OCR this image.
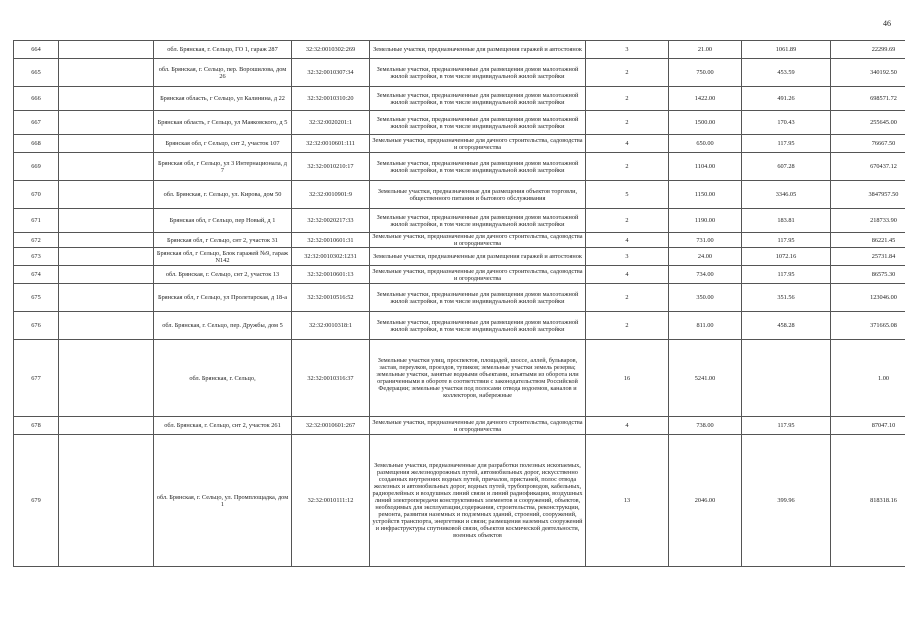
46
664		обл. Брянская, г. Сельцо, ГО 1, гараж 287	32:32:0010302:269	Земельные участки, предназначенные для размещения гаражей и автостоянок	3	21.00	1061.89	22299.69
665		обл. Брянская, г. Сельцо, пер. Ворошилова, дом 26	32:32:0010307:34	Земельные участки, предназначенные для размещения домов малоэтажной жилой застройки, в том числе индивидуальной жилой застройки	2	750.00	453.59	340192.50
666		Брянская область, г Сельцо, ул Калинина, д 22	32:32:0010310:20	Земельные участки, предназначенные для размещения домов малоэтажной жилой застройки, в том числе индивидуальной жилой застройки	2	1422.00	491.26	698571.72
667		Брянская область, г Сельцо, ул Маяковского, д 5	32:32:0020201:1	Земельные участки, предназначенные для размещения домов малоэтажной жилой застройки, в том числе индивидуальной жилой застройки	2	1500.00	170.43	255645.00
668		Брянская обл, г Сельцо, снт 2, участок 107	32:32:0010601:111	Земельные участки, предназначенные для дачного строительства, садоводства и огородничества	4	650.00	117.95	76667.50
669		Брянская обл, г Сельцо, ул 3 Интернационала, д 7	32:32:0010210:17	Земельные участки, предназначенные для размещения домов малоэтажной жилой застройки, в том числе индивидуальной жилой застройки	2	1104.00	607.28	670437.12
670		обл. Брянская, г. Сельцо, ул. Кирова, дом 50	32:32:0010901:9	Земельные участки, предназначенные для размещения объектов торговли, общественного питания и бытового обслуживания	5	1150.00	3346.05	3847957.50
671		Брянская обл, г Сельцо, пер Новый, д 1	32:32:0020217:33	Земельные участки, предназначенные для размещения домов малоэтажной жилой застройки, в том числе индивидуальной жилой застройки	2	1190.00	183.81	218733.90
672		Брянская обл, г Сельцо, снт 2, участок 31	32:32:0010601:31	Земельные участки, предназначенные для дачного строительства, садоводства и огородничества	4	731.00	117.95	86221.45
673		Брянская обл, г Сельцо, Блок гаражей №9, гараж N142	32:32:0010302:1231	Земельные участки, предназначенные для размещения гаражей и автостоянок	3	24.00	1072.16	25731.84
674		обл. Брянская, г. Сельцо, снт 2, участок 13	32:32:0010601:13	Земельные участки, предназначенные для дачного строительства, садоводства и огородничества	4	734.00	117.95	86575.30
675		Брянская обл, г Сельцо, ул Пролетарская, д 18-а	32:32:0010516:52	Земельные участки, предназначенные для размещения домов малоэтажной жилой застройки, в том числе индивидуальной жилой застройки	2	350.00	351.56	123046.00
676		обл. Брянская, г. Сельцо, пер. Дружбы, дом 5	32:32:0010318:1	Земельные участки, предназначенные для размещения домов малоэтажной жилой застройки, в том числе индивидуальной жилой застройки	2	811.00	458.28	371665.08
677		обл. Брянская, г. Сельцо,	32:32:0010316:37	Земельные участки улиц, проспектов, площадей, шоссе, аллей, бульваров, застав, переулков, проездов, тупиков; земельные участки земель резерва; земельные участки, занятые водными объектами, изъятыми из оборота или ограниченными в обороте в соответствии с законодательством Российской Федерации; земельные участки под полосами отвода водоемов, каналов и коллекторов, набережные	16	5241.00		1.00
678		обл. Брянская, г. Сельцо, снт 2, участок 261	32:32:0010601:267	Земельные участки, предназначенные для дачного строительства, садоводства и огородничества	4	738.00	117.95	87047.10
679		обл. Брянская, г. Сельцо, ул. Промплощадка, дом 1	32:32:0010111:12	Земельные участки, предназначенные для разработки полезных ископаемых, размещения железнодорожных путей, автомобильных дорог, искусственно созданных внутренних водных путей, причалов, пристаней, полос отвода железных и автомобильных дорог, водных путей, трубопроводов, кабельных, радиорелейных и воздушных линий связи и линий радиофикации, воздушных линий электропередачи конструктивных элементов и сооружений, объектов, необходимых для эксплуатации,содержания, строительства, реконструкции, ремонта, развития наземных и подземных зданий, строений, сооружений, устройств транспорта, энергетики и связи; размещения наземных сооружений и инфраструктуры спутниковой связи, объектов космической деятельности, военных объектов	13	2046.00	399.96	818318.16
